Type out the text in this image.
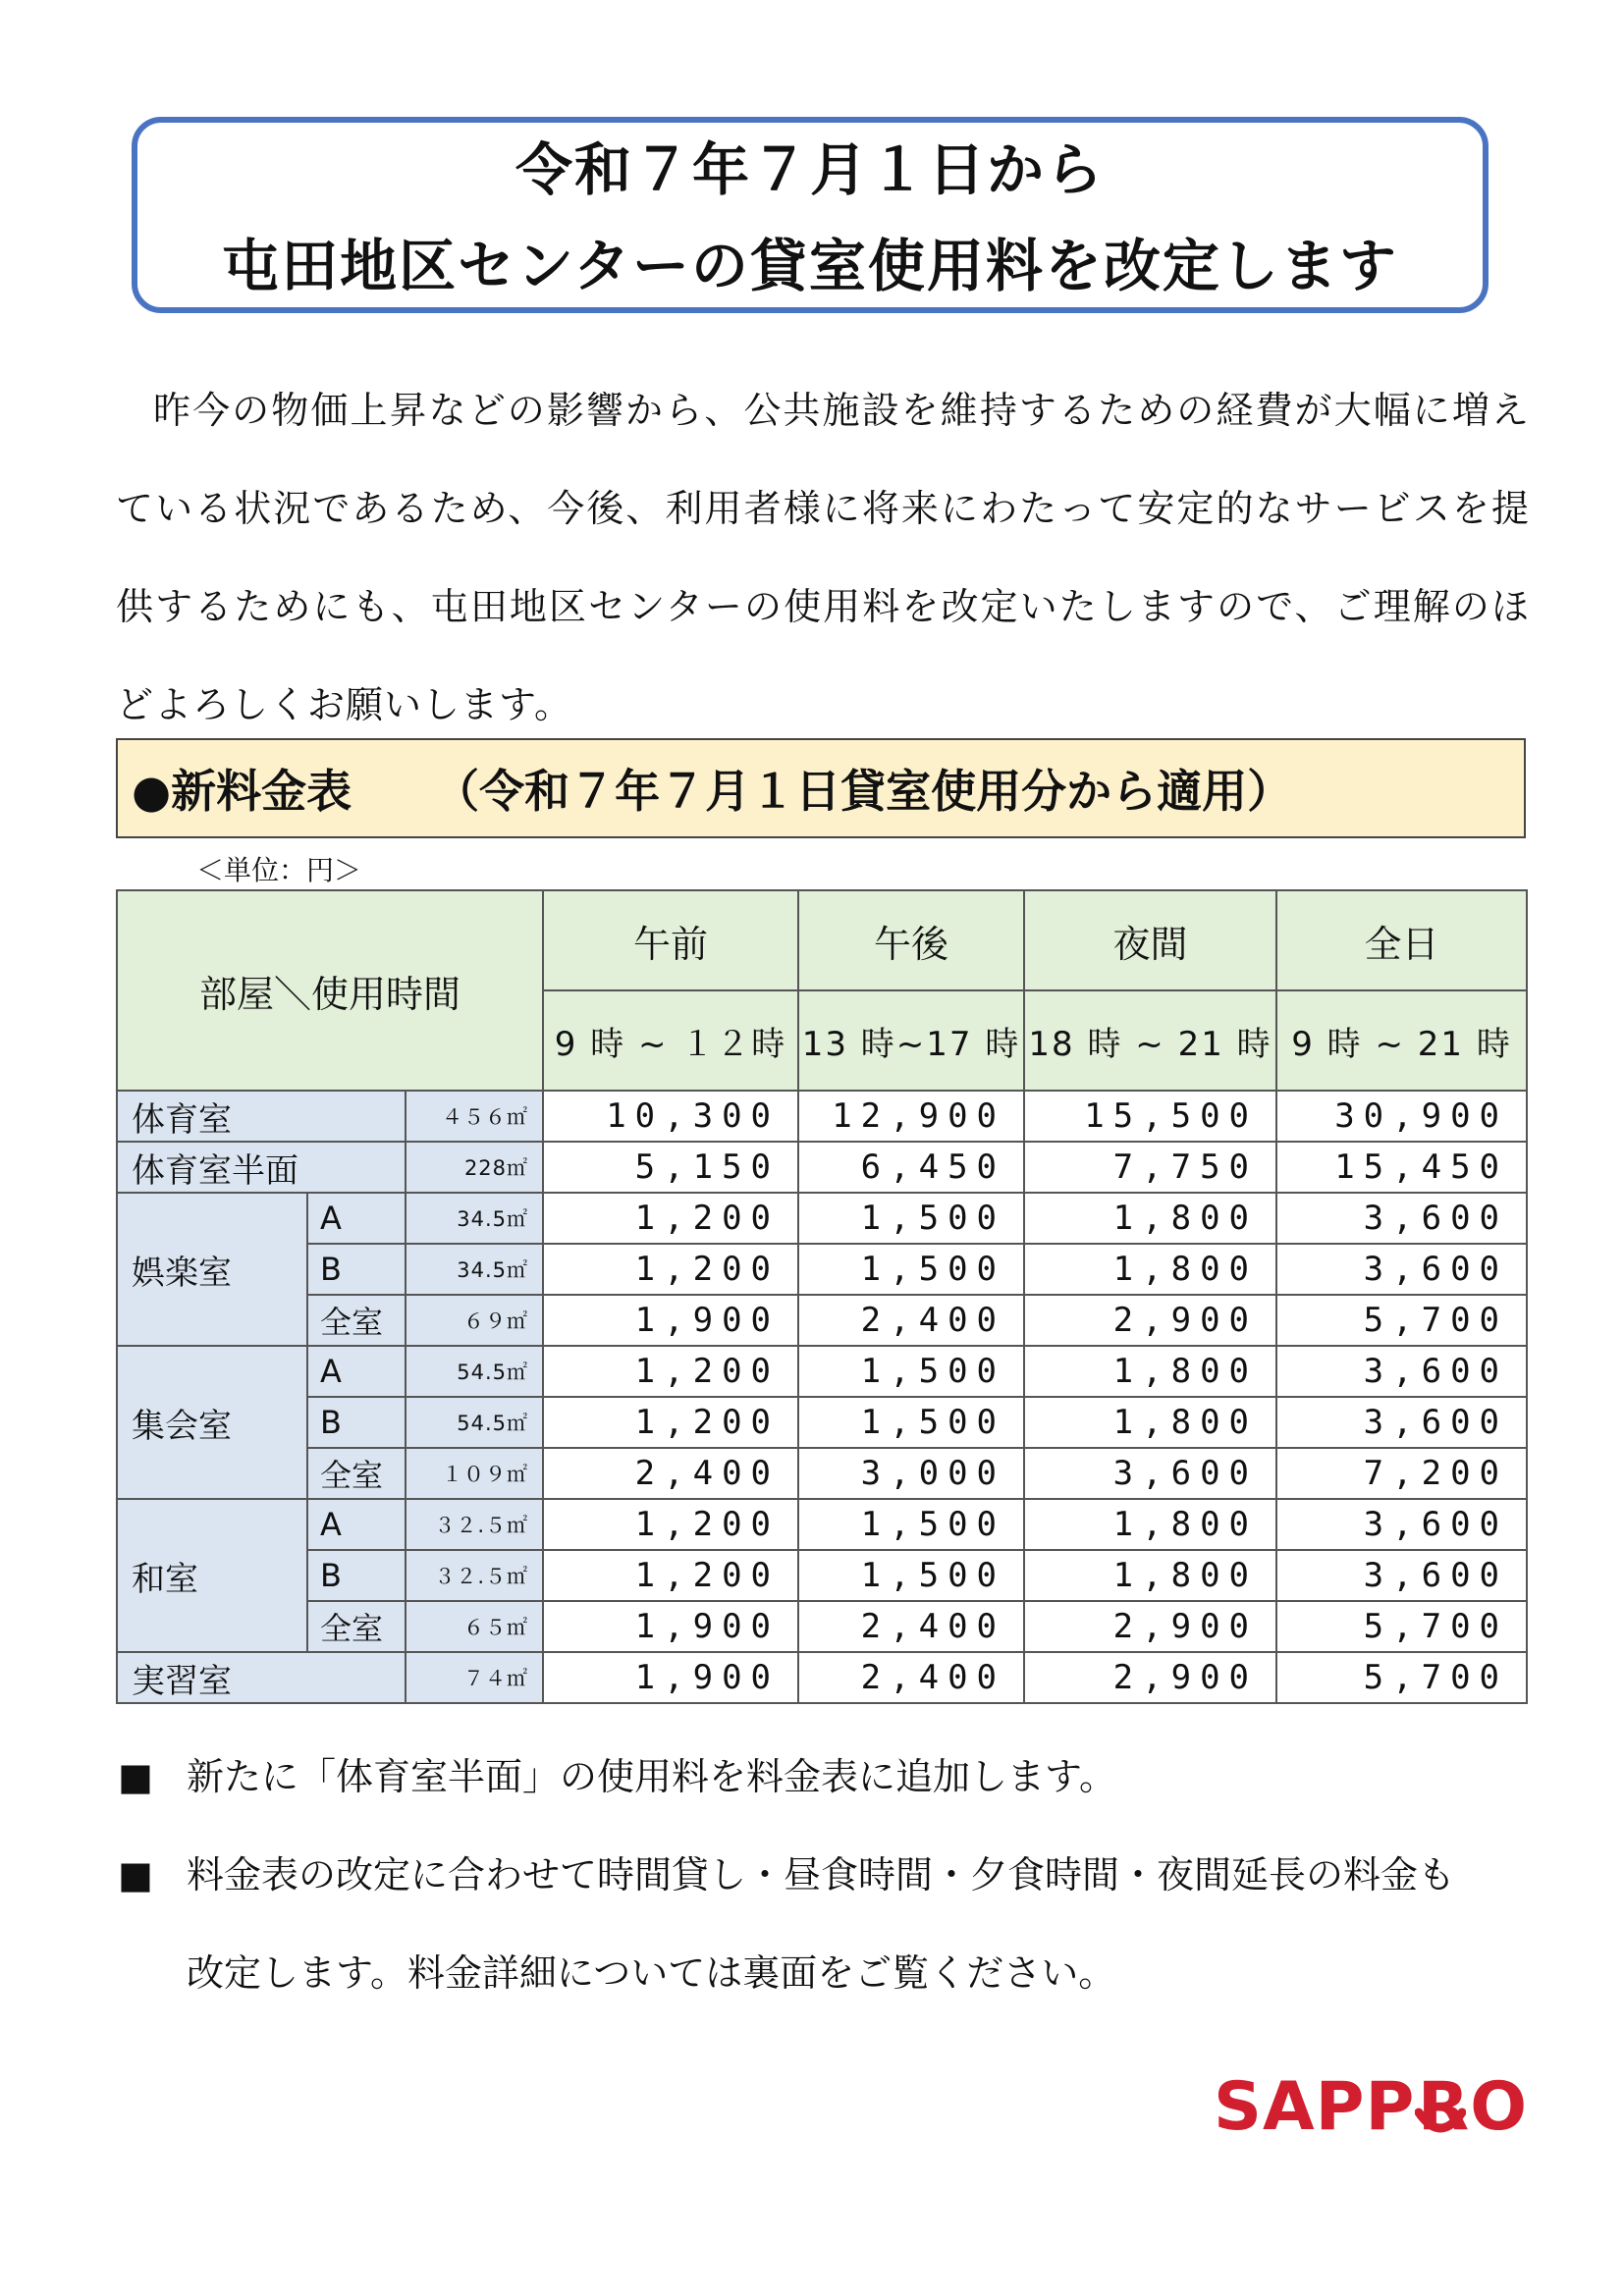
令和７年７月１日から
屯田地区センターの貸室使用料を改定します

昨今の物価上昇などの影響から、公共施設を維持するための経費が大幅に増えている状況であるため、今後、利用者様に将来にわたって安定的なサービスを提供するためにも、屯田地区センターの使用料を改定いたしますので、ご理解のほどよろしくお願いします。

●新料金表 （令和７年７月１日貸室使用分から適用）
＜単位：円＞
部屋＼使用時間			午前	午後	夜間	全日
			9 時 ~ １２時	13 時~17 時	18 時 ~ 21 時	9 時 ~ 21 時
体育室		４５６㎡	10,300	12,900	15,500	30,900
体育室半面		228㎡	5,150	6,450	7,750	15,450
娯楽室	A	34.5㎡	1,200	1,500	1,800	3,600
	B	34.5㎡	1,200	1,500	1,800	3,600
	全室	６９㎡	1,900	2,400	2,900	5,700
集会室	A	54.5㎡	1,200	1,500	1,800	3,600
	B	54.5㎡	1,200	1,500	1,800	3,600
	全室	１０９㎡	2,400	3,000	3,600	7,200
和室	A	３２.５㎡	1,200	1,500	1,800	3,600
	B	３２.５㎡	1,200	1,500	1,800	3,600
	全室	６５㎡	1,900	2,400	2,900	5,700
実習室		７４㎡	1,900	2,400	2,900	5,700
■ 新たに「体育室半面」の使用料を料金表に追加します。
■ 料金表の改定に合わせて時間貸し・昼食時間・夕食時間・夜間延長の料金も
改定します。料金詳細については裏面をご覧ください。
SAPP RO
